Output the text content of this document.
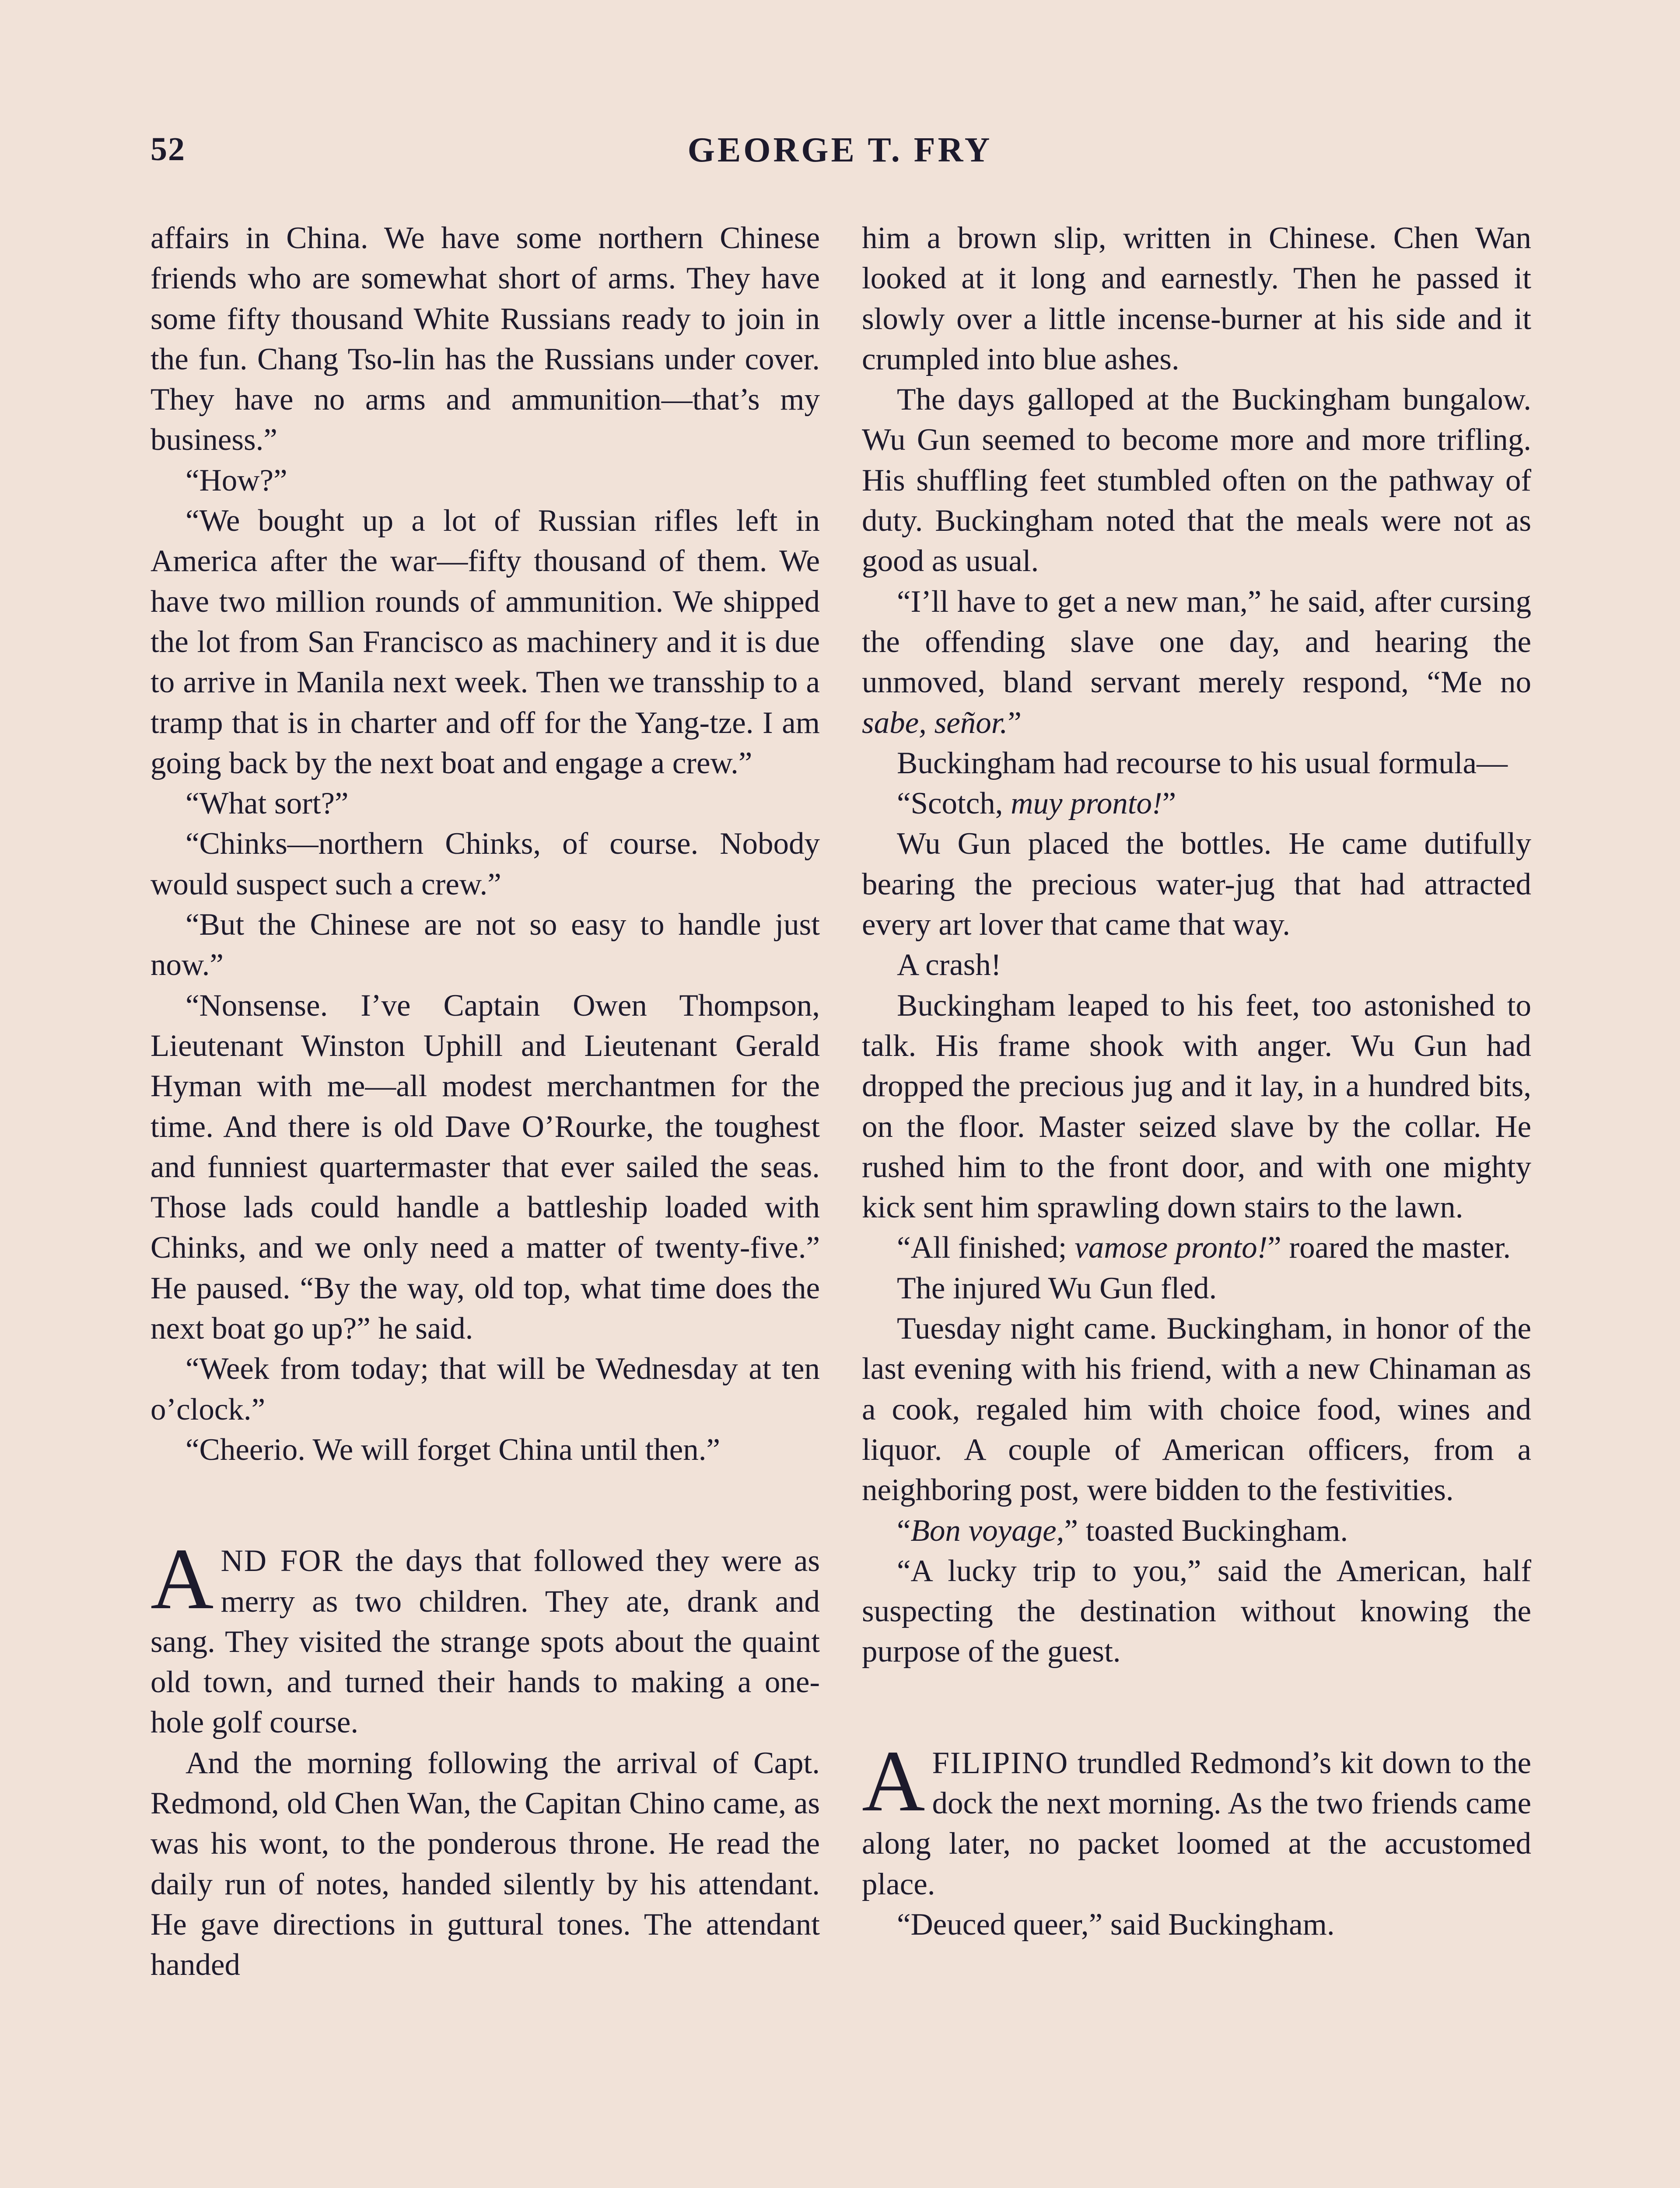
52	GEORGE T. FRY

affairs in China. We have some northern Chinese friends who are somewhat short of arms. They have some fifty thousand White Russians ready to join in the fun. Chang Tso-lin has the Russians under cover. They have no arms and ammunition—that’s my business.”

“How?”

“We bought up a lot of Russian rifles left in America after the war—fifty thousand of them. We have two million rounds of ammunition. We shipped the lot from San Francisco as machinery and it is due to arrive in Manila next week. Then we transship to a tramp that is in charter and off for the Yang-tze. I am going back by the next boat and engage a crew.”

“What sort?”

“Chinks—northern Chinks, of course. Nobody would suspect such a crew.”

“But the Chinese are not so easy to handle just now.”

“Nonsense. I’ve Captain Owen Thompson, Lieutenant Winston Uphill and Lieutenant Gerald Hyman with me—all modest merchantmen for the time. And there is old Dave O’Rourke, the toughest and funniest quartermaster that ever sailed the seas. Those lads could handle a battleship loaded with Chinks, and we only need a matter of twenty-five.” He paused. “By the way, old top, what time does the next boat go up?” he said.

“Week from today; that will be Wednesday at ten o’clock.”

“Cheerio. We will forget China until then.”

AND FOR the days that followed they were as merry as two children. They ate, drank and sang. They visited the strange spots about the quaint old town, and turned their hands to making a one-hole golf course.

And the morning following the arrival of Capt. Redmond, old Chen Wan, the Capitan Chino came, as was his wont, to the ponderous throne. He read the daily run of notes, handed silently by his attendant. He gave directions in guttural tones. The attendant handed

him a brown slip, written in Chinese. Chen Wan looked at it long and earnestly. Then he passed it slowly over a little incense-burner at his side and it crumpled into blue ashes.

The days galloped at the Buckingham bungalow. Wu Gun seemed to become more and more trifling. His shuffling feet stumbled often on the pathway of duty. Buckingham noted that the meals were not as good as usual.

“I’ll have to get a new man,” he said, after cursing the offending slave one day, and hearing the unmoved, bland servant merely respond, “Me no sabe, señor.”

Buckingham had recourse to his usual formula—

“Scotch, muy pronto!”

Wu Gun placed the bottles. He came dutifully bearing the precious water-jug that had attracted every art lover that came that way.

A crash!

Buckingham leaped to his feet, too astonished to talk. His frame shook with anger. Wu Gun had dropped the precious jug and it lay, in a hundred bits, on the floor. Master seized slave by the collar. He rushed him to the front door, and with one mighty kick sent him sprawling down stairs to the lawn.

“All finished; vamose pronto!” roared the master.

The injured Wu Gun fled.

Tuesday night came. Buckingham, in honor of the last evening with his friend, with a new Chinaman as a cook, regaled him with choice food, wines and liquor. A couple of American officers, from a neighboring post, were bidden to the festivities.

“Bon voyage,” toasted Buckingham.

“A lucky trip to you,” said the American, half suspecting the destination without knowing the purpose of the guest.

AFILIPINO trundled Redmond’s kit down to the dock the next morning. As the two friends came along later, no packet loomed at the accustomed place.

“Deuced queer,” said Buckingham.
